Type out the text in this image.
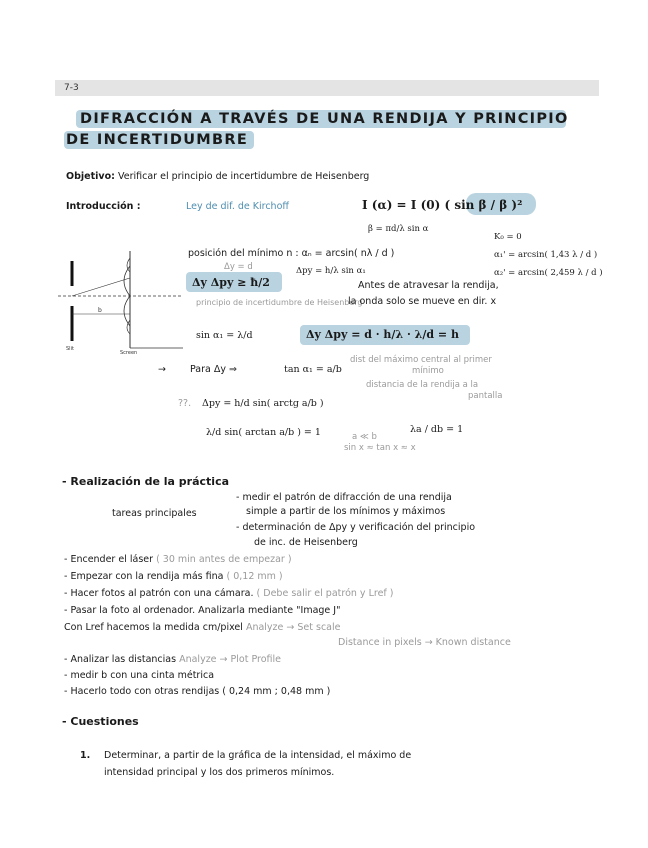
7-3
DIFRACCIÓN A TRAVÉS DE UNA RENDIJA Y PRINCIPIO
DE INCERTIDUMBRE
Objetivo: Verificar el principio de incertidumbre de Heisenberg
Introducción :	Ley de dif. de Kirchoff	I (α) = I (0) ( sin β / β )²
β = πd/λ sin α
posición del mínimo n : αₙ = arcsin( nλ / d )
K₀ = 0
α₁' = arcsin( 1,43 λ / d )
α₂' = arcsin( 2,459 λ / d )
Slit
Screen
b
Δy = d
Δy Δpy ≥ ħ/2
Δpy = h/λ sin α₁
principio de incertidumbre de Heisenberg
Antes de atravesar la rendija,
la onda solo se mueve en dir. x
sin α₁ = λ/d	Δy Δpy = d · h/λ · λ/d = h
→	Para Δy ⇒	tan α₁ = a/b
dist del máximo central al primer
mínimo
distancia de la rendija a la
pantalla
??. Δpy = h/d sin( arctg a/b )
λ/d sin( arctan a/b ) = 1	a ≪ b
sin x ≈ tan x ≈ x
λa / db = 1
- Realización de la práctica
tareas principales
- medir el patrón de difracción de una rendija
simple a partir de los mínimos y máximos
- determinación de Δpy y verificación del principio
de inc. de Heisenberg
- Encender el láser ( 30 min antes de empezar )
- Empezar con la rendija más fina ( 0,12 mm )
- Hacer fotos al patrón con una cámara. ( Debe salir el patrón y Lref )
- Pasar la foto al ordenador. Analizarla mediante "Image J"
Con Lref hacemos la medida cm/pixel Analyze → Set scale
Distance in pixels → Known distance
- Analizar las distancias Analyze → Plot Profile
- medir b con una cinta métrica
- Hacerlo todo con otras rendijas ( 0,24 mm ; 0,48 mm )
- Cuestiones
1. Determinar, a partir de la gráfica de la intensidad, el máximo de
intensidad principal y los dos primeros mínimos.
